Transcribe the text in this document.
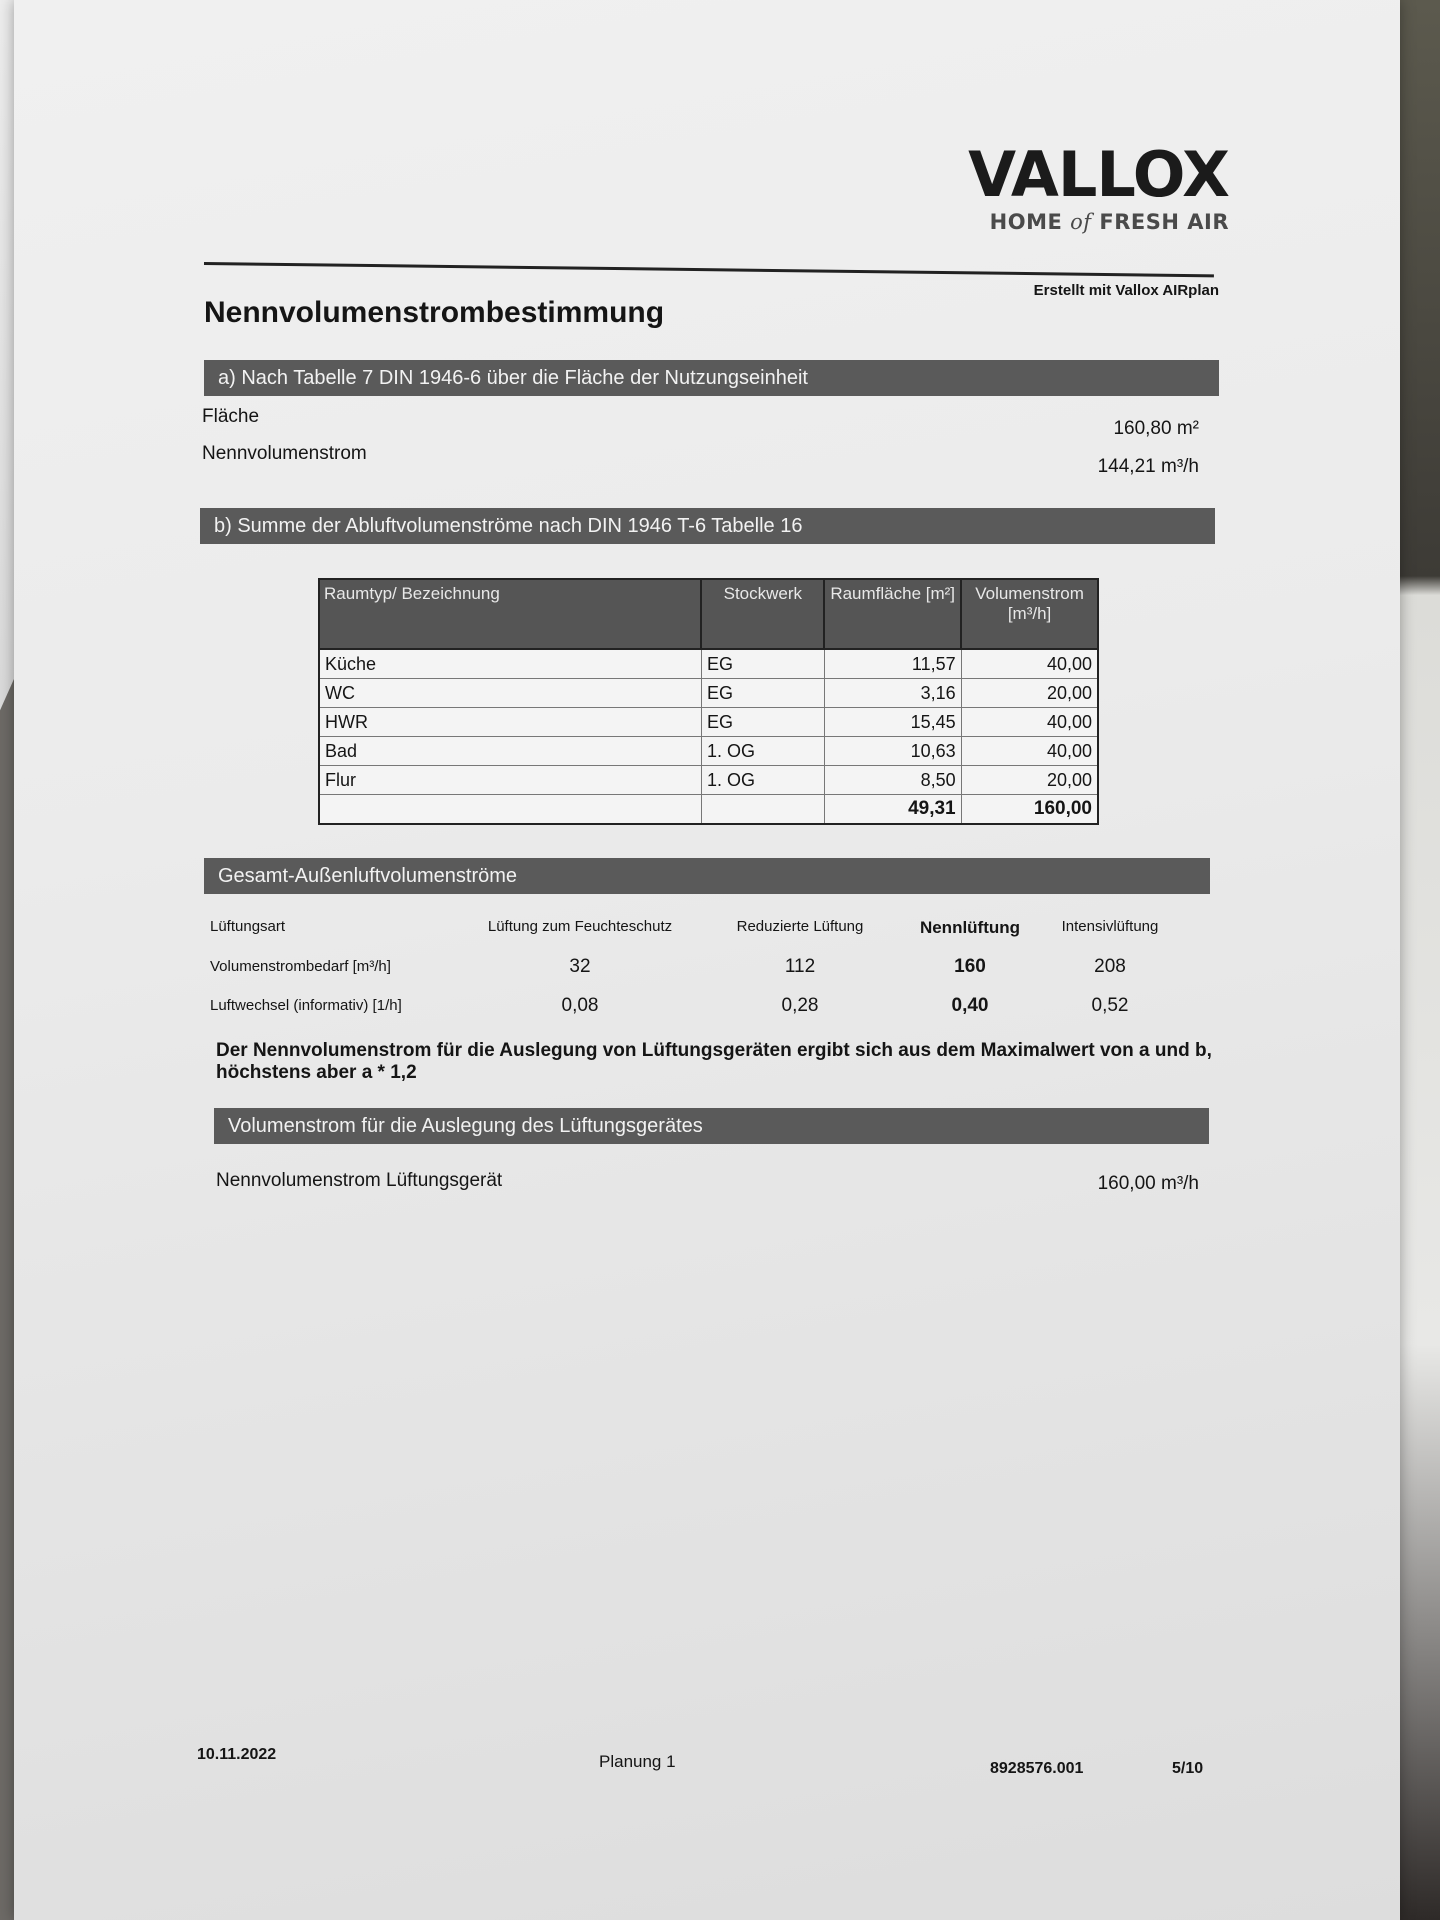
VALLOX
HOME of FRESH AIR
Erstellt mit Vallox AIRplan
Nennvolumenstrombestimmung
a) Nach Tabelle 7 DIN 1946-6 über die Fläche der Nutzungseinheit
Fläche
160,80 m²
Nennvolumenstrom
144,21 m³/h
b) Summe der Abluftvolumenströme nach DIN 1946 T-6 Tabelle 16
Raumtyp/ Bezeichnung	Stockwerk	Raumfläche [m²]	Volumenstrom [m³/h]
Küche	EG	11,57	40,00
WC	EG	3,16	20,00
HWR	EG	15,45	40,00
Bad	1. OG	10,63	40,00
Flur	1. OG	8,50	20,00
		49,31	160,00
Gesamt-Außenluftvolumenströme
Lüftungsart	Lüftung zum Feuchteschutz	Reduzierte Lüftung	Nennlüftung	Intensivlüftung
Volumenstrombedarf [m³/h]	32	112	160	208
Luftwechsel (informativ) [1/h]	0,08	0,28	0,40	0,52
Der Nennvolumenstrom für die Auslegung von Lüftungsgeräten ergibt sich aus dem Maximalwert von a und b, höchstens aber a * 1,2
Volumenstrom für die Auslegung des Lüftungsgerätes
Nennvolumenstrom Lüftungsgerät	160,00 m³/h
10.11.2022	Planung 1	8928576.001	5/10
